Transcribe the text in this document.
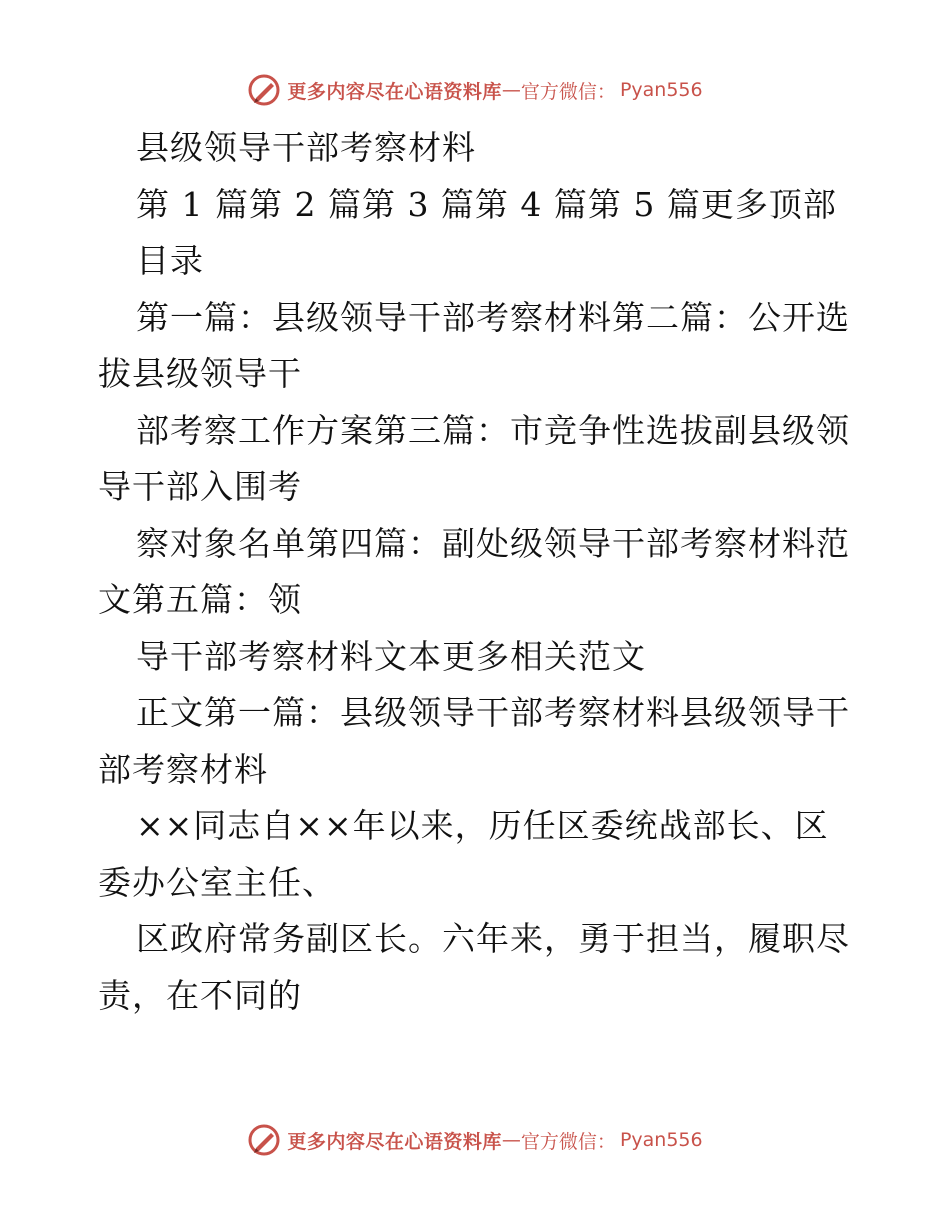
更多内容尽在心语资料库 — 官方微信： Pyan556
县级领导干部考察材料
第 1 篇第 2 篇第 3 篇第 4 篇第 5 篇更多顶部
目录
第一篇：县级领导干部考察材料第二篇：公开选
拔县级领导干
部考察工作方案第三篇：市竞争性选拔副县级领
导干部入围考
察对象名单第四篇：副处级领导干部考察材料范
文第五篇：领
导干部考察材料文本更多相关范文
正文第一篇：县级领导干部考察材料县级领导干
部考察材料
××同志自××年以来，历任区委统战部长、区
委办公室主任、
区政府常务副区长。六年来，勇于担当，履职尽
责，在不同的
更多内容尽在心语资料库 — 官方微信： Pyan556
